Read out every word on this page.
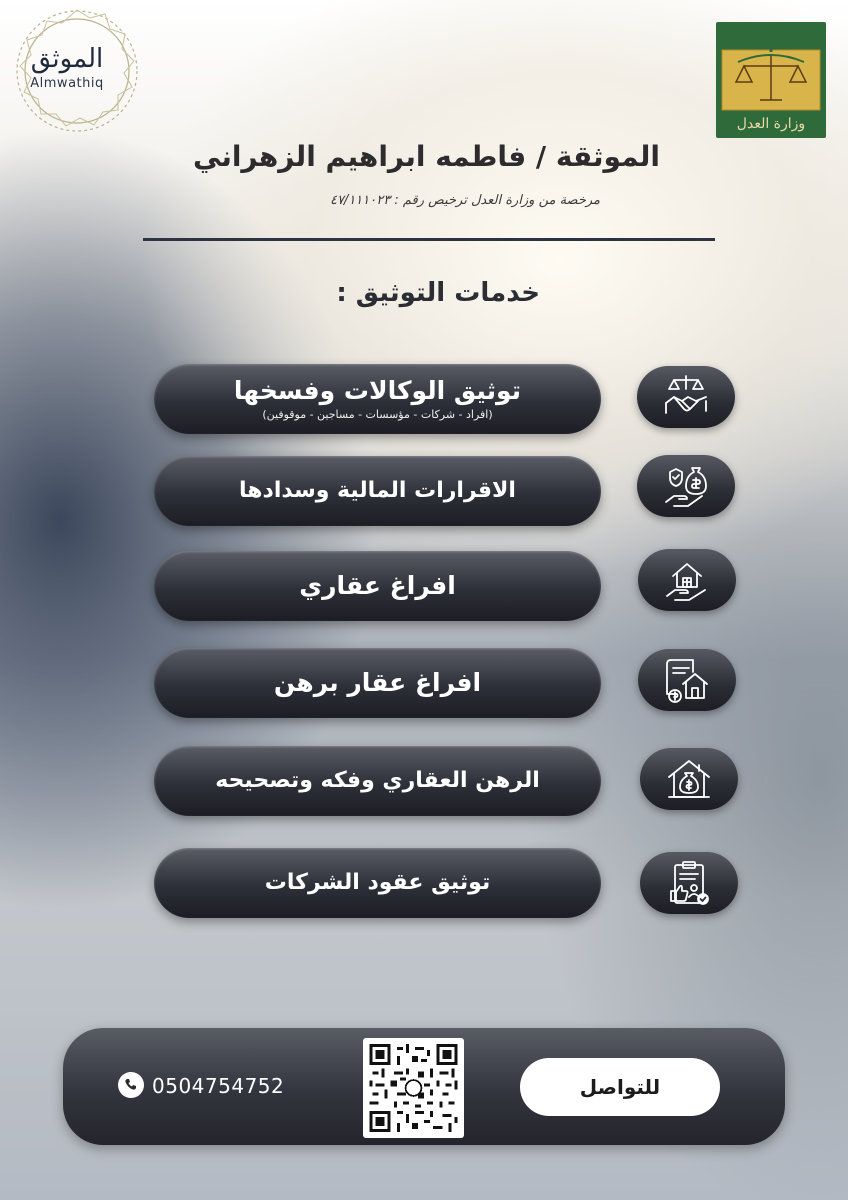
الموثق
Almwathiq
وزارة العدل
الموثقة / فاطمه ابراهيم الزهراني
مرخصة من وزارة العدل ترخيص رقم : ٤٧/١١١٠٢٣
خدمات التوثيق :
توثيق الوكالات وفسخها
(افراد - شركات - مؤسسات - مساجين - موقوفين)
الاقرارات المالية وسدادها
افراغ عقاري
افراغ عقار برهن
الرهن العقاري وفكه وتصحيحه
توثيق عقود الشركات
0504754752	للتواصل
